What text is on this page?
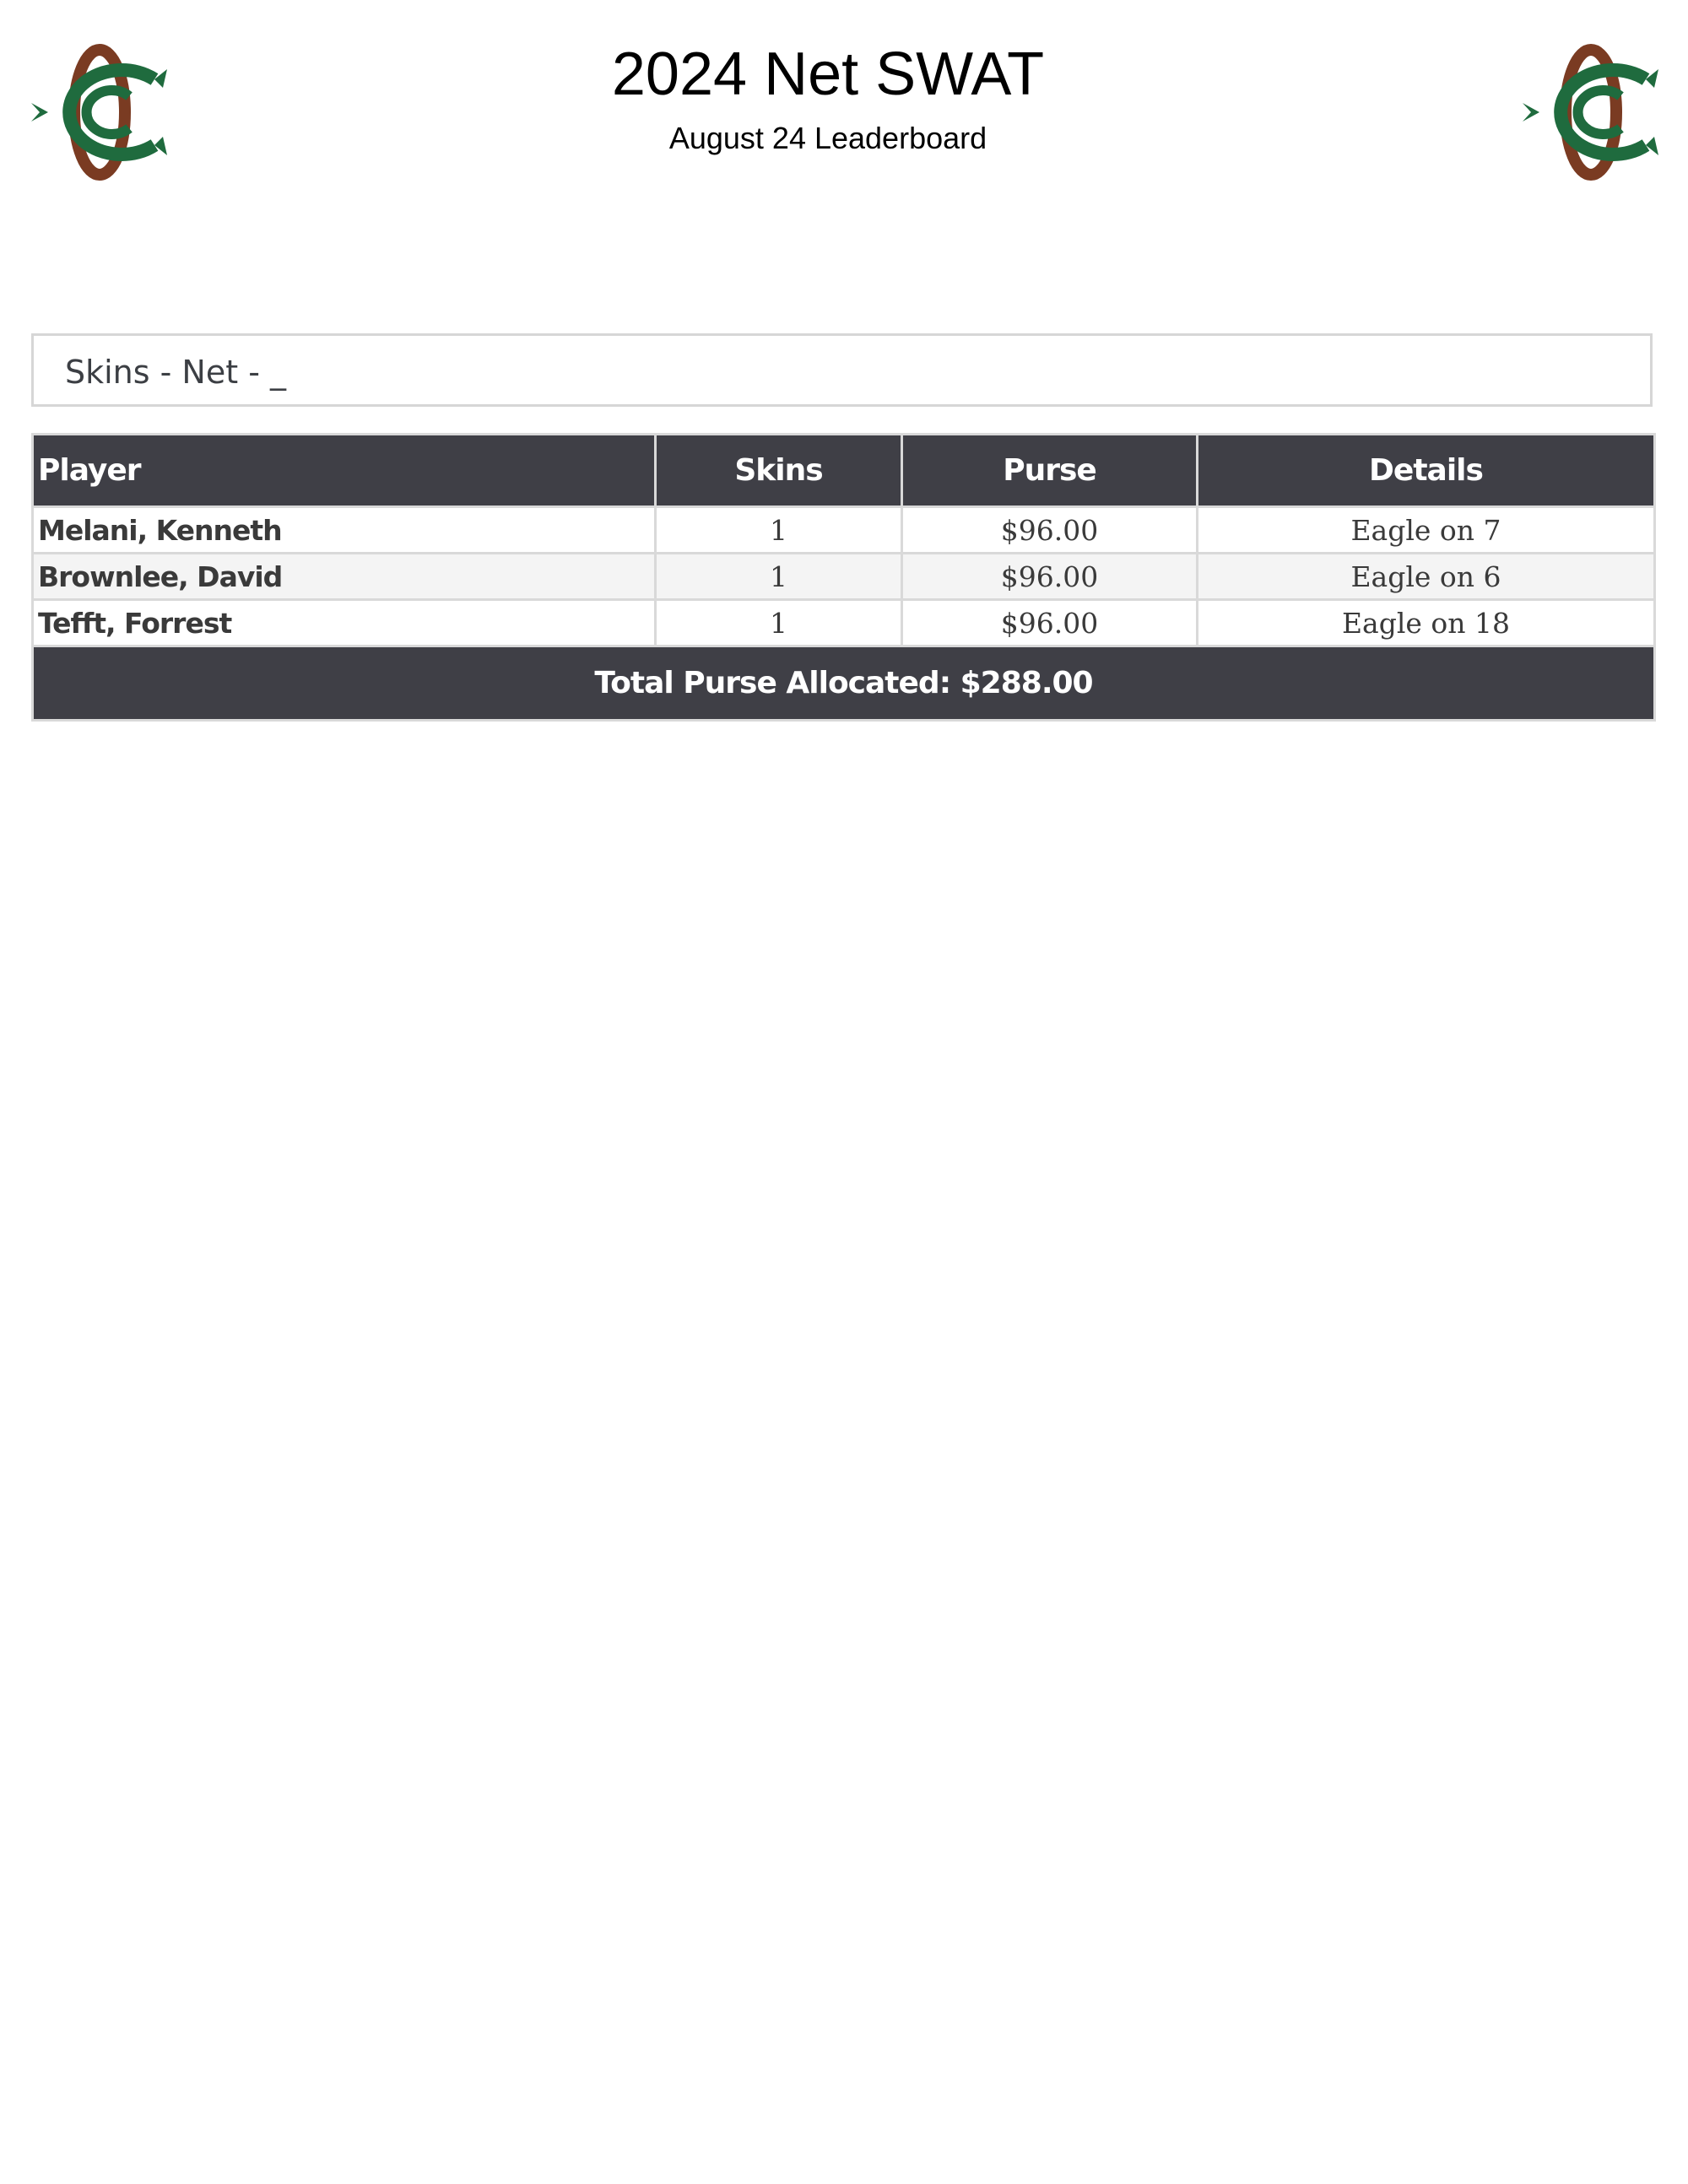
2024 Net SWAT
August 24 Leaderboard
Skins - Net - _
Player	Skins	Purse	Details
Melani, Kenneth	1	$96.00	Eagle on 7
Brownlee, David	1	$96.00	Eagle on 6
Tefft, Forrest	1	$96.00	Eagle on 18
Total Purse Allocated: $288.00			
